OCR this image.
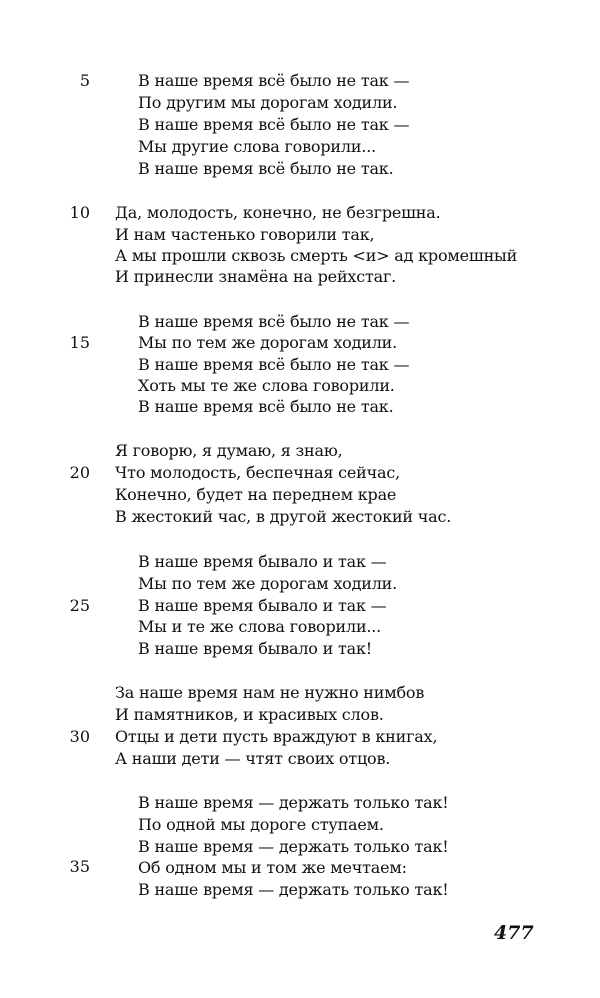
5
10
15
20
25
30
35
В наше время всё было не так —
По другим мы дорогам ходили.
В наше время всё было не так —
Мы другие слова говорили...
В наше время всё было не так.
Да, молодость, конечно, не безгрешна.
И нам частенько говорили так,
А мы прошли сквозь смерть <и> ад кромешный
И принесли знамёна на рейхстаг.
В наше время всё было не так —
Мы по тем же дорогам ходили.
В наше время всё было не так —
Хоть мы те же слова говорили.
В наше время всё было не так.
Я говорю, я думаю, я знаю,
Что молодость, беспечная сейчас,
Конечно, будет на переднем крае
В жестокий час, в другой жестокий час.
В наше время бывало и так —
Мы по тем же дорогам ходили.
В наше время бывало и так —
Мы и те же слова говорили...
В наше время бывало и так!
За наше время нам не нужно нимбов
И памятников, и красивых слов.
Отцы и дети пусть враждуют в книгах,
А наши дети — чтят своих отцов.
В наше время — держать только так!
По одной мы дороге ступаем.
В наше время — держать только так!
Об одном мы и том же мечтаем:
В наше время — держать только так!
477
